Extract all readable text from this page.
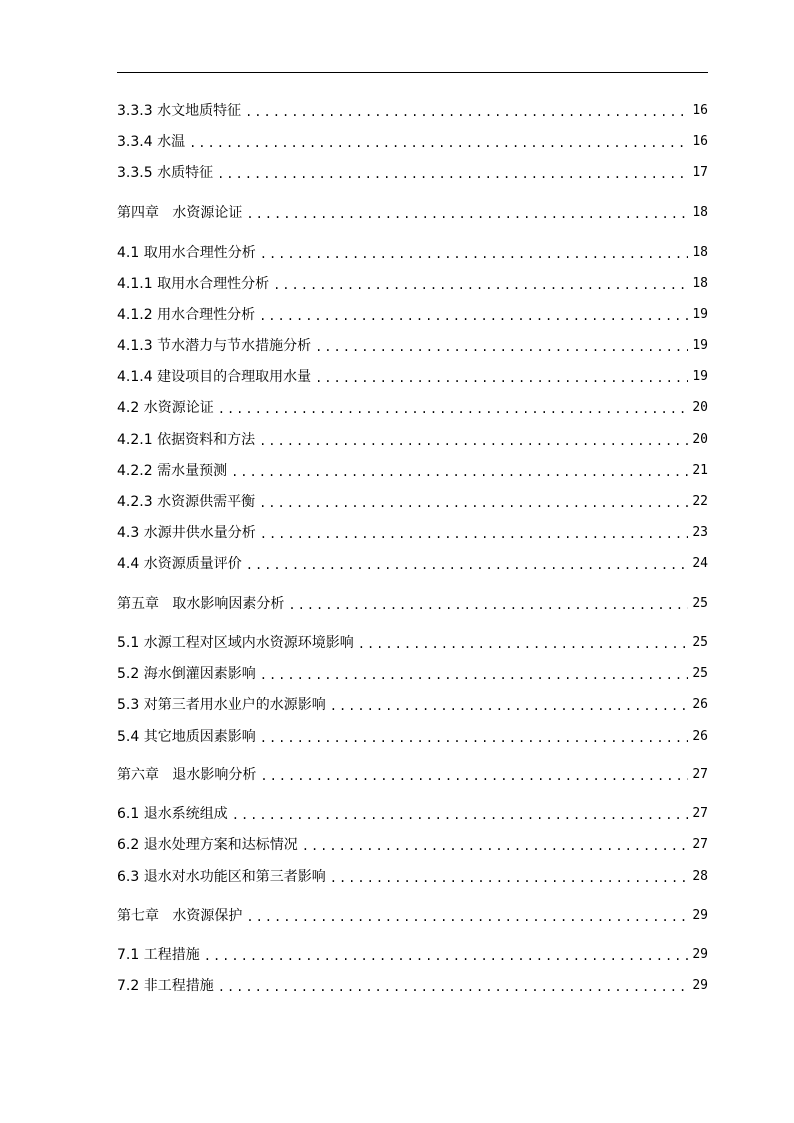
3.3.3 水文地质特征 .....	16
3.3.4 水温 .....	16
3.3.5 水质特征 .....	17
第四章   水资源论证 .....	18
4.1 取用水合理性分析 .....	18
4.1.1 取用水合理性分析 .....	18
4.1.2 用水合理性分析 .....	19
4.1.3 节水潜力与节水措施分析 .....	19
4.1.4 建设项目的合理取用水量 .....	19
4.2 水资源论证 .....	20
4.2.1 依据资料和方法 .....	20
4.2.2 需水量预测 .....	21
4.2.3 水资源供需平衡 .....	22
4.3 水源井供水量分析 .....	23
4.4 水资源质量评价 .....	24
第五章   取水影响因素分析 .....	25
5.1 水源工程对区域内水资源环境影响 .....	25
5.2 海水倒灌因素影响 .....	25
5.3 对第三者用水业户的水源影响 .....	26
5.4 其它地质因素影响 .....	26
第六章   退水影响分析 .....	27
6.1 退水系统组成 .....	27
6.2 退水处理方案和达标情况 .....	27
6.3 退水对水功能区和第三者影响 .....	28
第七章   水资源保护 .....	29
7.1 工程措施 .....	29
7.2 非工程措施 .....	29
